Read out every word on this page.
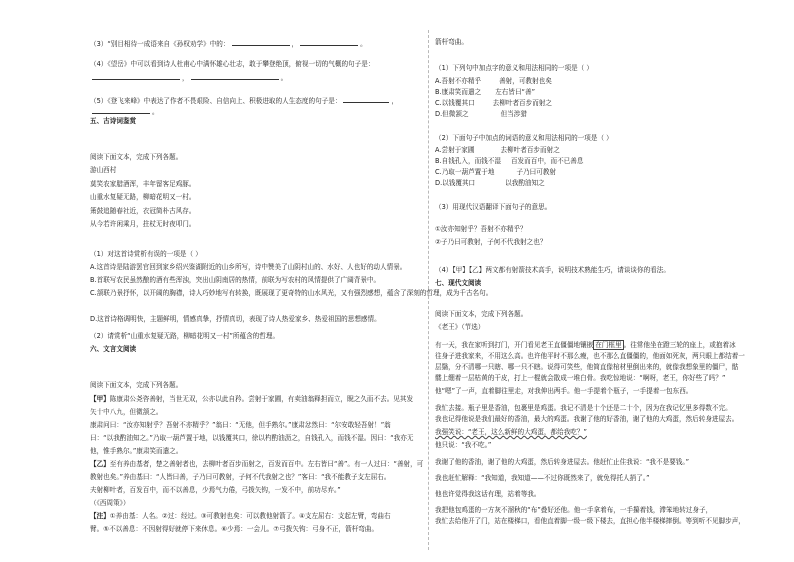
（3）“别目相待一成语来自《孙权劝学》中的：	，	。
（4）《望岳》中可以看到诗人杜甫心中满怀雄心壮志，敢于攀登绝顶，俯视一切的气概的句子是：
，	。
（5）《登飞来峰》中表达了作者不畏艰险、自信向上、积极进取的人生态度的句子是：	，
。
五、古诗词鉴赏
阅读下面文本，完成下列各题。
游山西村
莫笑农家腊酒浑，丰年留客足鸡豚。
山重水复疑无路，柳暗花明又一村。
箫鼓追随春社近，衣冠简朴古风存。
从今若许闲乘月，拄杖无时夜叩门。
（1）对这首诗赏析有误的一项是（ ）
A.这首诗是陆游罢官回到家乡绍兴鉴湖附近的山乡所写，诗中赞美了山阴村山的、水好、人也好的动人情景。
B.首联写农民虽然酿的酒有些浑浊，突出山阴南居的热情，前联为写农村的风情提供了广阔背景中。
C.颔联乃景抒怀，以开阔的胸襟，诗人巧妙地写有转换，既展现了更奇特的山水风光，又有强烈感想，蕴含了深刻的哲理，成为千古名句。
D.这首诗格调明快，主题鲜明，情感真挚，抒情真切，表现了诗人热爱家乡、热爱祖国的思想感情。
（2）请赏析“山重水复疑无路，柳暗花明又一村”所蕴含的哲理。
六、文言文阅读
阅读下面文本，完成下列各题。
【甲】陈康肃公尧咨善射，当世无双，公亦以此自矜。尝射于家圃，有卖油翁释担而立，睨之久而不去。见其发
矢十中八九，但微颔之。
康肃问曰：“汝亦知射乎？吾射不亦精乎？”翁曰：“无他，但手熟尔。”康肃忿然曰：“尔安敢轻吾射！”翁
曰：“以我酌油知之。”乃取一葫芦置于地，以钱覆其口，徐以杓酌油沥之，自钱孔入，而钱不湿。因曰：“我亦无
他，惟手熟尔。”康肃笑而遣之。
【乙】至有养由基者，楚之善射者也，去柳叶者百步而射之，百发而百中。左右皆曰“善”。有一人过曰：“善射，可
教射也矣。”养由基曰：“人皆曰善，子乃曰可教射，子何不代我射之也？”客曰：“我不能教子支左屈右。
夫射柳叶者，百发百中，而不以善息，少焉气力倦，弓拨矢钩，一发不中，前功尽弃。”
（《西周策》）
【注】①养由基：人名。②过：经过。③可教射也矣：可以教他射箭了。④支左屈右：支起左臂，弯曲右
臂。⑤不以善息：不因射得好就停下来休息。⑥少焉：一会儿。⑦弓拨矢钩：弓身不正，箭杆弯曲。
箭杆弯曲。
（1）下列句中加点字的意义和用法相同的一项是（ ）
A.吾射不亦精乎	善射，可教射也矣
B.康肃笑而遣之 左右皆曰“善”
C.以钱覆其口	去柳叶者百步而射之
D.但微颔之	但当涉猎
（2）下面句子中加点的词语的意义和用法相同的一项是（ ）
A.尝射于家圃	去柳叶者百步而射之
B.自钱孔入，而钱不湿 百发而百中，而不已善息
C.乃取一葫芦置于地	子乃曰可教射
D.以钱覆其口	以我酌油知之
（3）用现代汉语翻译下面句子的意思。
①汝亦知射乎？吾射不亦精乎？
②子乃曰可教射，子何不代我射之也？
（4）【甲】【乙】两文都有射箭技术高手，说明技术熟能生巧，请谈谈你的看法。
七、现代文阅读
阅读下面文本，完成下列各题。
《老王》（节选）
有一天，我在家听到打门，开门看见老王直僵僵地镶嵌 在门框里 。往常他坐在蹬三轮的座上，或抱着冰
往身子进我家来，不用这么高。也许他平时不那么瘦，也不那么直僵僵的，他面如死灰，两只眼上都结着一
层翳，分不清哪一只瞎、哪一只不瞎。说得可笑些，他简直像棺材里倒出来的，就像我想象里的僵尸，骷
髅上绷着一层枯黄的干皮，打上一棍就会散成一堆白骨。我吃惊地说：“啊呀，老王，你好些了吗？”
他“嗯”了一声，直着脚往里走，对我伸出两手。他一手提着个瓶子，一手提着一包东西。
我忙去接。瓶子里是香油，包裹里是鸡蛋。我记不清是十个还是二十个，因为在我记忆里多得数不完。
我也记得他说是我们最好的香油，最大的鸡蛋。我谢了他的好香油，谢了他的大鸡蛋，然后转身进屋去。
我强笑说：“老王，这么新鲜的大鸡蛋，都给我吃？”
他只说：“我不吃。”
我谢了他的香油，谢了他的大鸡蛋，然后转身进屋去。他赶忙止住我说：“我不是要钱。”
我也赶忙解释：“我知道，我知道——不过你既然来了，就免得托人捎了。”
他也许觉得我这话有理，站着等我。
我把他包鸡蛋的一方灰不溜秋的“布”叠好还他。他一手拿着布，一手攥着钱，滞笨地转过身子，
我忙去给他开了门，站在楼梯口，看他直着脚一级一级下楼去，直担心他半楼梯摔倒。等到听不见脚步声，
